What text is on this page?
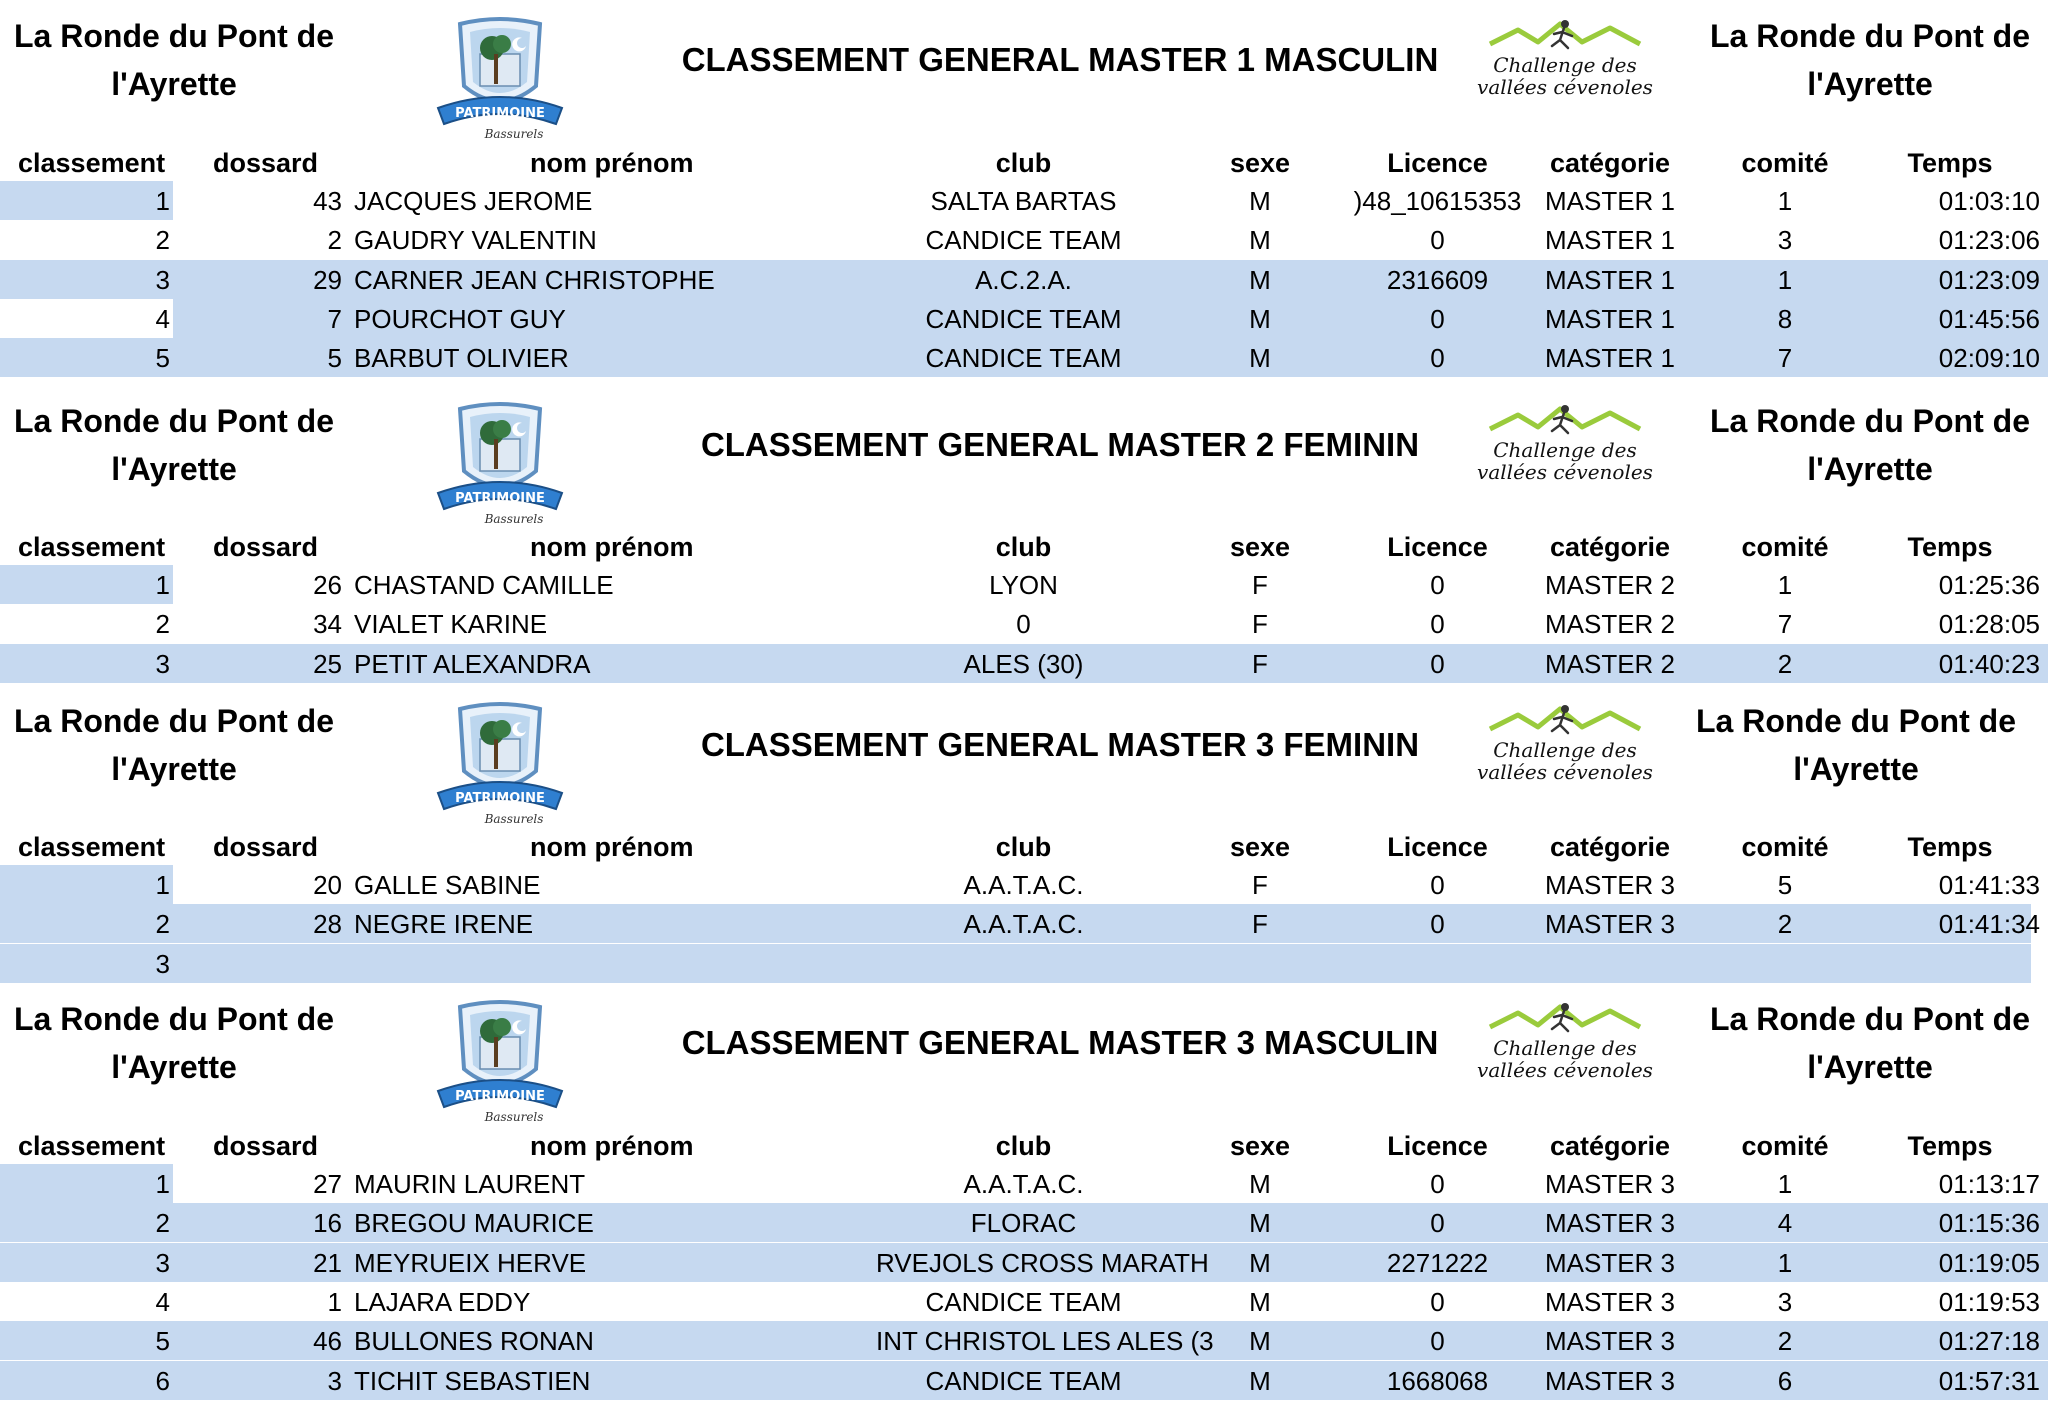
La Ronde du Pont de
l'Ayrette
PATRIMOINE
Bassurels
CLASSEMENT GENERAL MASTER 1 MASCULIN	Challenge des
vallées cévenoles
La Ronde du Pont de
l'Ayrette
classement	dossard	nom prénom	club	sexe	Licence	catégorie	comité	Temps
1	43 JACQUES JEROME	SALTA BARTAS	M	)48_10615353 MASTER 1	1	01:03:10
2	2 GAUDRY VALENTIN	CANDICE TEAM	M	0	MASTER 1	3	01:23:06
3	29 CARNER JEAN CHRISTOPHE	A.C.2.A.	M	2316609	MASTER 1	1	01:23:09
4	7 POURCHOT GUY	CANDICE TEAM	M	0	MASTER 1	8	01:45:56
5	5 BARBUT OLIVIER	CANDICE TEAM	M	0	MASTER 1	7	02:09:10
La Ronde du Pont de
l'Ayrette
PATRIMOINE
Bassurels
CLASSEMENT GENERAL MASTER 2 FEMININ	Challenge des
vallées cévenoles
La Ronde du Pont de
l'Ayrette
classement	dossard	nom prénom	club	sexe	Licence	catégorie	comité	Temps
1	26 CHASTAND CAMILLE	LYON	F	0	MASTER 2	1	01:25:36
2	34 VIALET KARINE	0	F	0	MASTER 2	7	01:28:05
3	25 PETIT ALEXANDRA	ALES (30)	F	0	MASTER 2	2	01:40:23
La Ronde du Pont de
l'Ayrette
PATRIMOINE
Bassurels
CLASSEMENT GENERAL MASTER 3 FEMININ	Challenge des
vallées cévenoles
La Ronde du Pont de
l'Ayrette
classement	dossard	nom prénom	club	sexe	Licence	catégorie	comité	Temps
1	20 GALLE SABINE	A.A.T.A.C.	F	0	MASTER 3	5	01:41:33
2	28 NEGRE IRENE	A.A.T.A.C.	F	0	MASTER 3	2	01:41:34
3
La Ronde du Pont de
l'Ayrette
PATRIMOINE
Bassurels
CLASSEMENT GENERAL MASTER 3 MASCULIN	Challenge des
vallées cévenoles
La Ronde du Pont de
l'Ayrette
classement	dossard	nom prénom	club	sexe	Licence	catégorie	comité	Temps
1	27 MAURIN LAURENT	A.A.T.A.C.	M	0	MASTER 3	1	01:13:17
2	16 BREGOU MAURICE	FLORAC	M	0	MASTER 3	4	01:15:36
3	21 MEYRUEIX HERVE	RVEJOLS CROSS MARATH	M	2271222	MASTER 3	1	01:19:05
4	1 LAJARA EDDY	CANDICE TEAM	M	0	MASTER 3	3	01:19:53
5	46 BULLONES RONAN	INT CHRISTOL LES ALES (3	M	0	MASTER 3	2	01:27:18
6	3 TICHIT SEBASTIEN	CANDICE TEAM	M	1668068	MASTER 3	6	01:57:31
